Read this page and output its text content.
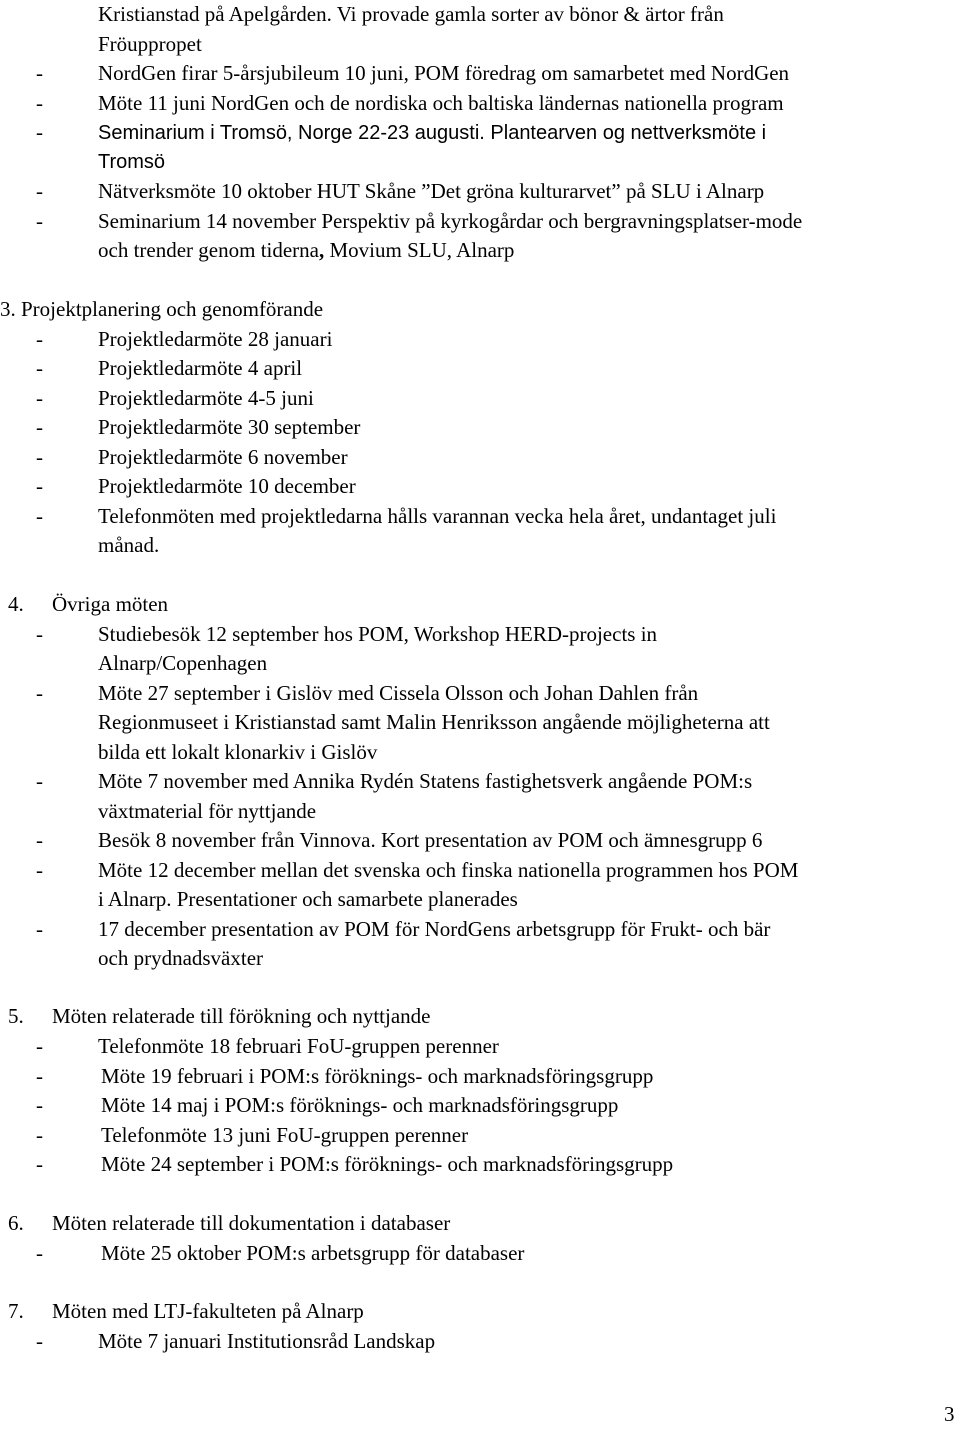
Kristianstad på Apelgården. Vi provade gamla sorter av bönor & ärtor från
Fröuppropet
-	NordGen firar 5-årsjubileum 10 juni, POM föredrag om samarbetet med NordGen
-	Möte 11 juni NordGen och de nordiska och baltiska ländernas nationella program
-	Seminarium i Tromsö, Norge 22-23 augusti. Plantearven og nettverksmöte i
Tromsö
-	Nätverksmöte 10 oktober HUT Skåne ”Det gröna kulturarvet” på SLU i Alnarp
-	Seminarium 14 november Perspektiv på kyrkogårdar och bergravningsplatser-mode
och trender genom tiderna, Movium SLU, Alnarp
3. Projektplanering och genomförande
-	Projektledarmöte 28 januari
-	Projektledarmöte 4 april
-	Projektledarmöte 4-5 juni
-	Projektledarmöte 30 september
-	Projektledarmöte 6 november
-	Projektledarmöte 10 december
-	Telefonmöten med projektledarna hålls varannan vecka hela året, undantaget juli
månad.
4. Övriga möten
-	Studiebesök 12 september hos POM, Workshop HERD-projects in
Alnarp/Copenhagen
-	Möte 27 september i Gislöv med Cissela Olsson och Johan Dahlen från
Regionmuseet i Kristianstad samt Malin Henriksson angående möjligheterna att
bilda ett lokalt klonarkiv i Gislöv
-	Möte 7 november med Annika Rydén Statens fastighetsverk angående POM:s
växtmaterial för nyttjande
-	Besök 8 november från Vinnova. Kort presentation av POM och ämnesgrupp 6
-	Möte 12 december mellan det svenska och finska nationella programmen hos POM
i Alnarp. Presentationer och samarbete planerades
-	17 december presentation av POM för NordGens arbetsgrupp för Frukt- och bär
och prydnadsväxter
5. Möten relaterade till förökning och nyttjande
-	Telefonmöte 18 februari FoU-gruppen perenner
-	Möte 19 februari i POM:s föröknings- och marknadsföringsgrupp
-	Möte 14 maj i POM:s föröknings- och marknadsföringsgrupp
-	Telefonmöte 13 juni FoU-gruppen perenner
-	Möte 24 september i POM:s föröknings- och marknadsföringsgrupp
6. Möten relaterade till dokumentation i databaser
-	Möte 25 oktober POM:s arbetsgrupp för databaser
7. Möten med LTJ-fakulteten på Alnarp
-	Möte 7 januari Institutionsråd Landskap
3
